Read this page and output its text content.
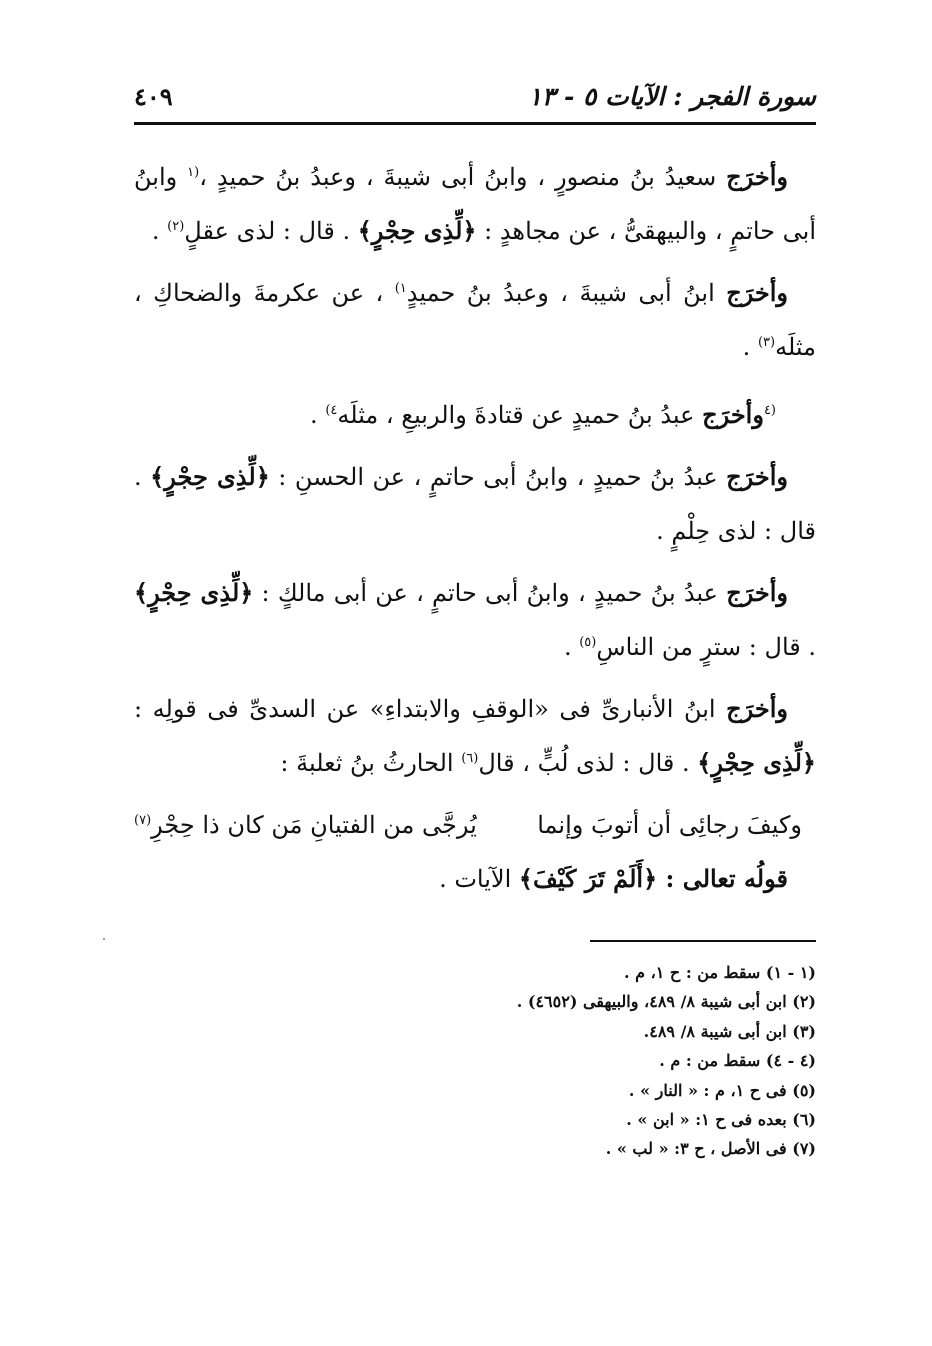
سورة الفجر : الآيات ٥ - ١٣
٤٠٩

وأخرَج سعيدُ بنُ منصورٍ ، وابنُ أبى شيبةَ ، وعبدُ بنُ حميدٍ ،$^{(١}$ وابنُ أبى حاتمٍ ، والبيهقىُّ ، عن مجاهدٍ : ﴿لِّذِى حِجْرٍ﴾ . قال : لذى عقلٍ$^{(٢)}$ .

وأخرَج ابنُ أبى شيبةَ ، وعبدُ بنُ حميدٍ$^{١)}$ ، عن عكرمةَ والضحاكِ ، مثلَه$^{(٣)}$ .

$^{(٤}$وأخرَج عبدُ بنُ حميدٍ عن قتادةَ والربيعِ ، مثلَه$^{٤)}$ .

وأخرَج عبدُ بنُ حميدٍ ، وابنُ أبى حاتمٍ ، عن الحسنِ : ﴿لِّذِى حِجْرٍ﴾ . قال : لذى حِلْمٍ .

وأخرَج عبدُ بنُ حميدٍ ، وابنُ أبى حاتمٍ ، عن أبى مالكٍ : ﴿لِّذِى حِجْرٍ﴾ . قال : سترٍ من الناسِ$^{(٥)}$ .

وأخرَج ابنُ الأنبارىِّ فى «الوقفِ والابتداءِ» عن السدىِّ فى قولِه : ﴿لِّذِى حِجْرٍ﴾ . قال : لذى لُبٍّ ، قال$^{(٦)}$ الحارثُ بنُ ثعلبةَ :

وكيفَ رجائِى أن أتوبَ وإنما
يُرجَّى من الفتيانِ مَن كان ذا حِجْرِ$^{(٧)}$

قولُه تعالى : ﴿أَلَمْ تَرَ كَيْفَ﴾ الآيات .

(١ - ١) سقط من : ح ١، م .
(٢) ابن أبى شيبة ٨/ ٤٨٩، والبيهقى (٤٦٥٢) .
(٣) ابن أبى شيبة ٨/ ٤٨٩.
(٤ - ٤) سقط من : م .
(٥) فى ح ١، م : « النار » .
(٦) بعده فى ح ١: « ابن » .
(٧) فى الأصل ، ح ٣: « لب » .
